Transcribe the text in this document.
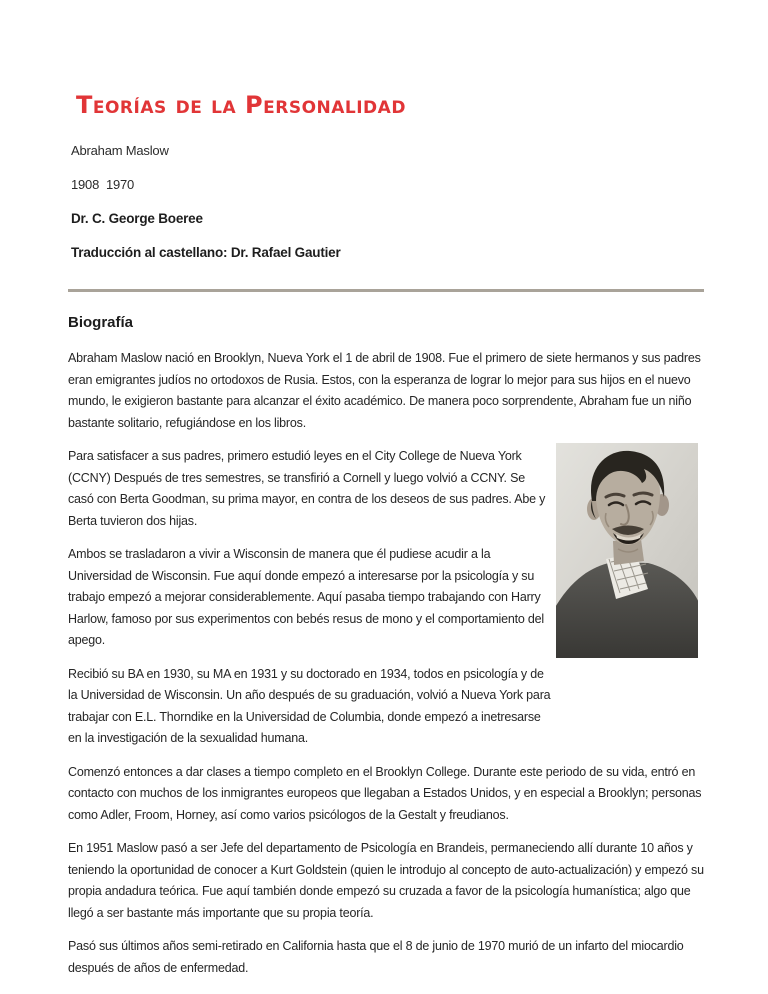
Teorías de la Personalidad

Abraham Maslow

1908  1970

Dr. C. George Boeree

Traducción al castellano: Dr. Rafael Gautier

Biografía

Abraham Maslow nació en Brooklyn, Nueva York el 1 de abril de 1908. Fue el primero de siete hermanos y sus padres eran emigrantes judíos no ortodoxos de Rusia. Estos, con la esperanza de lograr lo mejor para sus hijos en el nuevo mundo, le exigieron bastante para alcanzar el éxito académico. De manera poco sorprendente, Abraham fue un niño bastante solitario, refugiándose en los libros.

Para satisfacer a sus padres, primero estudió leyes en el City College de Nueva York (CCNY) Después de tres semestres, se transfirió a Cornell y luego volvió a CCNY. Se casó con Berta Goodman, su prima mayor, en contra de los deseos de sus padres. Abe y Berta tuvieron dos hijas.

Ambos se trasladaron a vivir a Wisconsin de manera que él pudiese acudir a la Universidad de Wisconsin. Fue aquí donde empezó a interesarse por la psicología y su trabajo empezó a mejorar considerablemente. Aquí pasaba tiempo trabajando con Harry Harlow, famoso por sus experimentos con bebés resus de mono y el comportamiento del apego.

Recibió su BA en 1930, su MA en 1931 y su doctorado en 1934, todos en psicología y de la Universidad de Wisconsin. Un año después de su graduación, volvió a Nueva York para trabajar con E.L. Thorndike en la Universidad de Columbia, donde empezó a inetresarse en la investigación de la sexualidad humana.

Comenzó entonces a dar clases a tiempo completo en el Brooklyn College. Durante este periodo de su vida, entró en contacto con muchos de los inmigrantes europeos que llegaban a Estados Unidos, y en especial a Brooklyn; personas como Adler, Froom, Horney, así como varios psicólogos de la Gestalt y freudianos.

En 1951 Maslow pasó a ser Jefe del departamento de Psicología en Brandeis, permaneciendo allí durante 10 años y teniendo la oportunidad de conocer a Kurt Goldstein (quien le introdujo al concepto de auto-actualización) y empezó su propia andadura teórica. Fue aquí también donde empezó su cruzada a favor de la psicología humanística; algo que llegó a ser bastante más importante que su propia teoría.

Pasó sus últimos años semi-retirado en California hasta que el 8 de junio de 1970 murió de un infarto del miocardio después de años de enfermedad.
